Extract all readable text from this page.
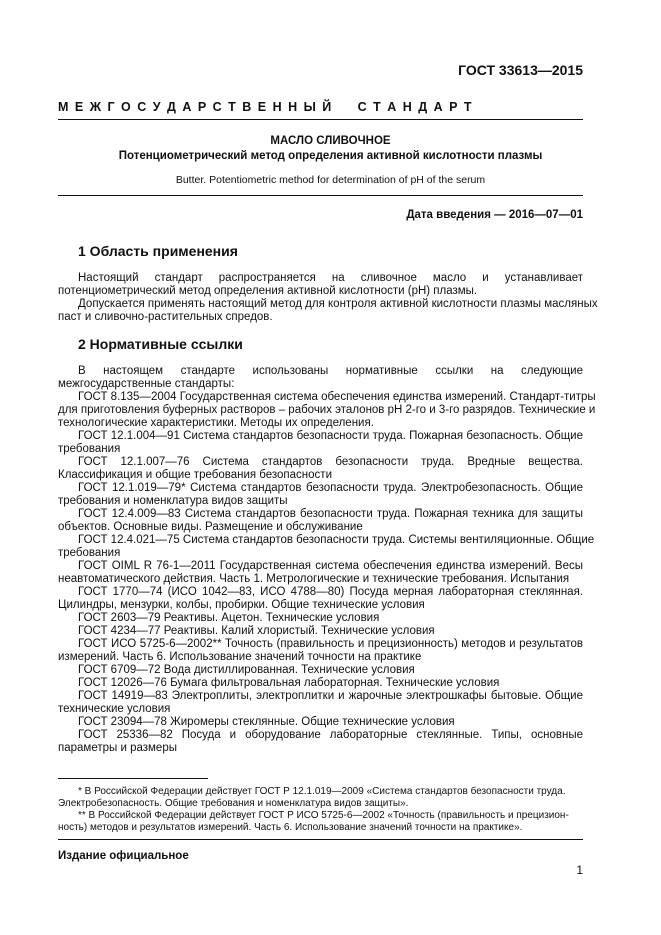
ГОСТ 33613—2015
М Е Ж Г О С У Д А Р С Т В Е Н Н Ы Й     С Т А Н Д А Р Т
МАСЛО СЛИВОЧНОЕ
Потенциометрический метод определения активной кислотности плазмы
Butter. Potentiometric method for determination of pH of the serum
Дата введения — 2016—07—01
1 Область применения
Настоящий стандарт распространяется на сливочное масло и устанавливает
потенциометрический метод определения активной кислотности (рН) плазмы.
Допускается применять настоящий метод для контроля активной кислотности плазмы масляных
паст и сливочно-растительных спредов.
2 Нормативные ссылки
В настоящем стандарте использованы нормативные ссылки на следующие
межгосударственные стандарты:
ГОСТ 8.135—2004 Государственная система обеспечения единства измерений. Стандарт-титры
для приготовления буферных растворов – рабочих эталонов рН 2-го и 3-го разрядов. Технические и
технологические характеристики. Методы их определения.
ГОСТ 12.1.004—91 Система стандартов безопасности труда. Пожарная безопасность. Общие
требования
ГОСТ 12.1.007—76 Система стандартов безопасности труда. Вредные вещества.
Классификация и общие требования безопасности
ГОСТ 12.1.019—79* Система стандартов безопасности труда. Электробезопасность. Общие
требования и номенклатура видов защиты
ГОСТ 12.4.009—83 Система стандартов безопасности труда. Пожарная техника для защиты
объектов. Основные виды. Размещение и обслуживание
ГОСТ 12.4.021—75 Система стандартов безопасности труда. Системы вентиляционные. Общие
требования
ГОСТ OIML R 76-1—2011 Государственная система обеспечения единства измерений. Весы
неавтоматического действия. Часть 1. Метрологические и технические требования. Испытания
ГОСТ 1770—74 (ИСО 1042—83, ИСО 4788—80) Посуда мерная лабораторная стеклянная.
Цилиндры, мензурки, колбы, пробирки. Общие технические условия
ГОСТ 2603—79 Реактивы. Ацетон. Технические условия
ГОСТ 4234—77 Реактивы. Калий хлористый. Технические условия
ГОСТ ИСО 5725-6—2002** Точность (правильность и прецизионность) методов и результатов
измерений. Часть 6. Использование значений точности на практике
ГОСТ 6709—72 Вода дистиллированная. Технические условия
ГОСТ 12026—76 Бумага фильтровальная лабораторная. Технические условия
ГОСТ 14919—83 Электроплиты, электроплитки и жарочные электрошкафы бытовые. Общие
технические условия
ГОСТ 23094—78 Жиромеры стеклянные. Общие технические условия
ГОСТ 25336—82 Посуда и оборудование лабораторные стеклянные. Типы, основные
параметры и размеры
* В Российской Федерации действует ГОСТ Р 12.1.019—2009 «Система стандартов безопасности труда.
Электробезопасность. Общие требования и номенклатура видов защиты».
** В Российской Федерации действует ГОСТ Р ИСО 5725-6—2002 «Точность (правильность и прецизион-
ность) методов и результатов измерений. Часть 6. Использование значений точности на практике».
Издание официальное
1
